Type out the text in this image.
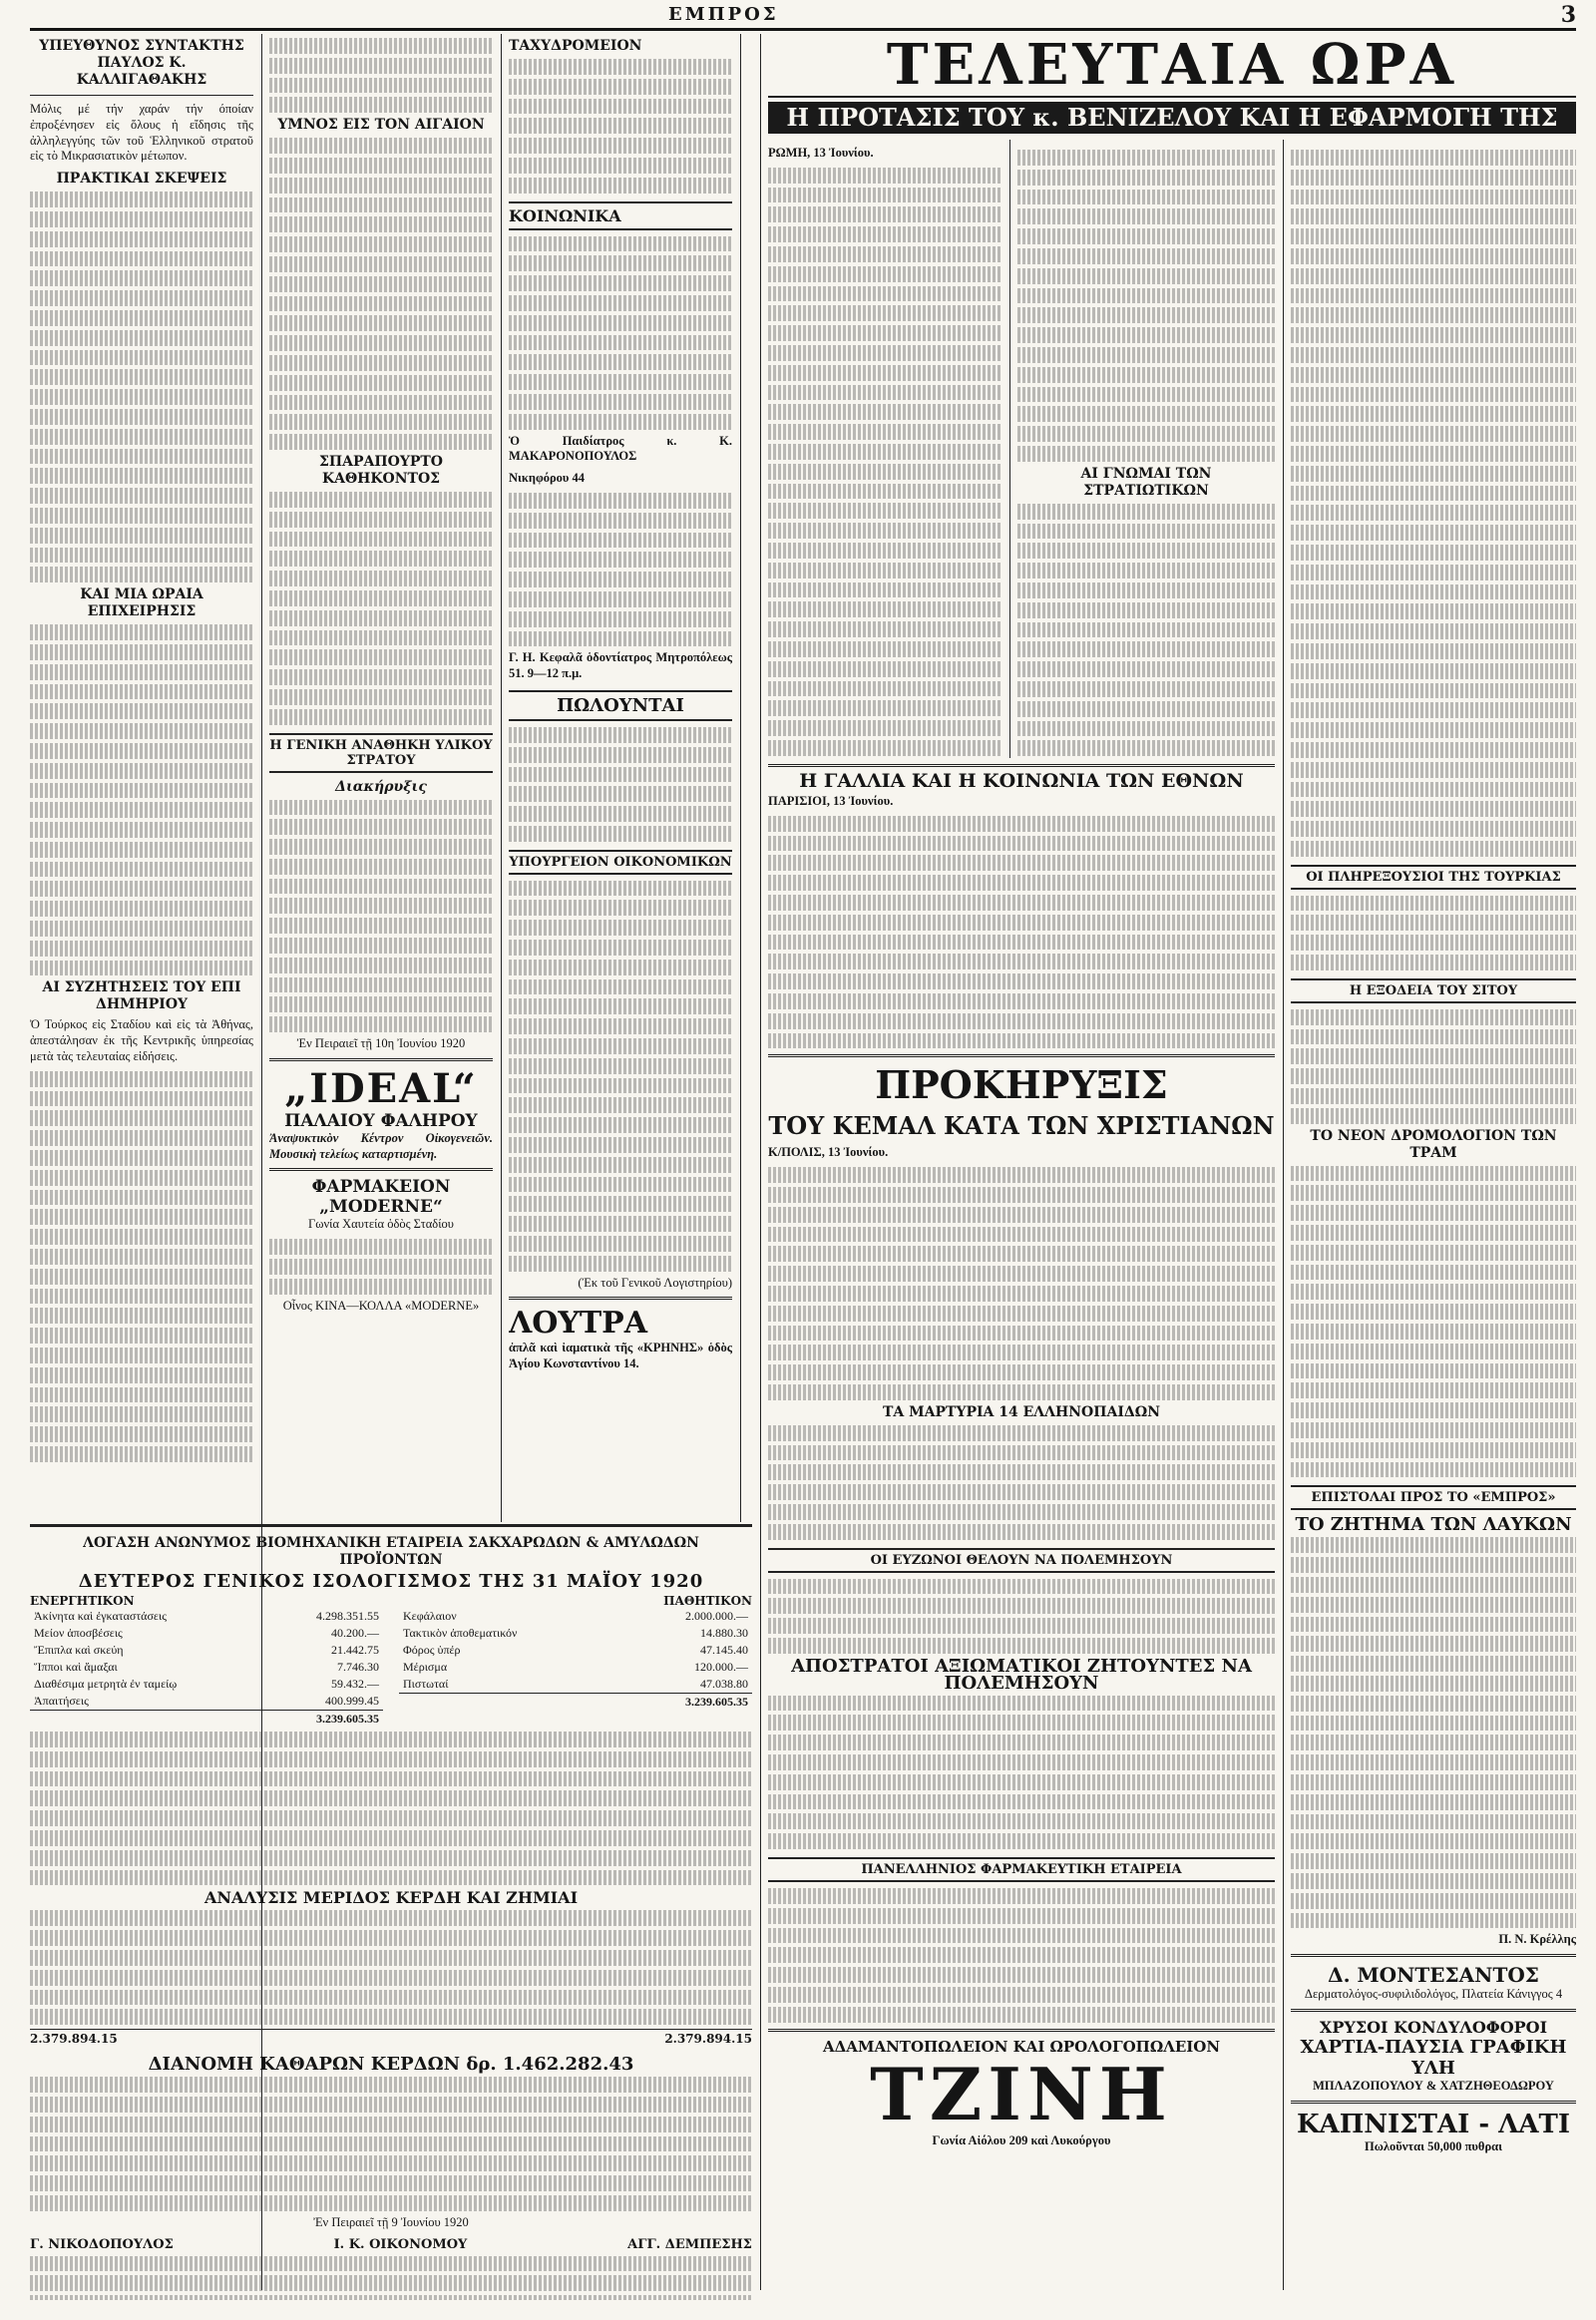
ΕΜΠΡΟΣ	3
ΥΠΕΥΘΥΝΟΣ ΣΥΝΤΑΚΤΗΣ ΠΑΥΛΟΣ Κ. ΚΑΛΛΙΓΑΘΑΚΗΣ

Μόλις μέ τήν χαράν τήν όποίαν ἐπροξένησεν εἰς ὅλους ἡ εἴδησις τῆς ἀλληλεγγύης τῶν τοῦ Ἑλληνικοῦ στρατοῦ εἰς τὸ Μικρασιατικὸν μέτωπον.

ΠΡΑΚΤΙΚΑΙ ΣΚΕΨΕΙΣ
ΚΑΙ ΜΙΑ ΩΡΑΙΑ ΕΠΙΧΕΙΡΗΣΙΣ
ΑΙ ΣΥΖΗΤΗΣΕΙΣ ΤΟΥ ΕΠΙ ΔΗΜΗΡΙΟΥ

Ὀ Τούρκος εἰς Σταδίου καὶ εἰς τὰ Ἀθήνας, ἀπεστάλησαν ἐκ τῆς Κεντρικῆς ὑπηρεσίας μετὰ τὰς τελευταίας εἰδήσεις.

ΥΜΝΟΣ ΕΙΣ ΤΟΝ ΑΙΓΑΙΟΝ
ΣΠΑΡΑΠΟΥΡΤΟ ΚΑΘΗΚΟΝΤΟΣ
Η ΓΕΝΙΚΗ ΑΝΑΘΗΚΗ ΥΛΙΚΟΥ ΣΤΡΑΤΟΥ
Διακήρυξις

Ἐν Πειραιεῖ τῇ 10η Ἰουνίου 1920

„IDEAL“
ΠΑΛΑΙΟΥ ΦΑΛΗΡΟΥ

Ἀναψυκτικὸν Κέντρον Οἰκογενειῶν. Μουσικὴ τελείως καταρτισμένη.

ΦΑΡΜΑΚΕΙΟΝ „MODERNE“

Γωνία Χαυτεία ὁδὸς Σταδίου

Οἶνος ΚΙΝΑ—ΚΟΛΛΑ «MODERNE»

ΤΑΧΥΔΡΟΜΕΙΟΝ
ΚΟΙΝΩΝΙΚΑ

Ὁ Παιδίατρος κ. Κ. ΜΑΚΑΡΟΝΟΠΟΥΛΟΣ

Νικηφόρου 44

Γ. Η. Κεφαλᾶ ὁδοντίατρος Μητροπόλεως 51. 9—12 π.μ.

ΠΩΛΟΥΝΤΑΙ
ΥΠΟΥΡΓΕΙΟΝ ΟΙΚΟΝΟΜΙΚΩΝ

(Ἐκ τοῦ Γενικοῦ Λογιστηρίου)

ΛΟΥΤΡΑ

ἀπλᾶ καὶ ἰαματικὰ τῆς «ΚΡΗΝΗΣ» ὁδὸς Ἁγίου Κωνσταντίνου 14.

ΛΟΓΑΣΗ ΑΝΩΝΥΜΟΣ ΒΙΟΜΗΧΑΝΙΚΗ ΕΤΑΙΡΕΙΑ ΣΑΚΧΑΡΩΔΩΝ & ΑΜΥΛΩΔΩΝ ΠΡΟΪΟΝΤΩΝ
ΔΕΥΤΕΡΟΣ ΓΕΝΙΚΟΣ ΙΣΟΛΟΓΙΣΜΟΣ ΤΗΣ 31 ΜΑΪΟΥ 1920
ΕΝΕΡΓΗΤΙΚΟΝ
Ἀκίνητα καὶ ἐγκαταστάσεις	4.298.351.55
Μείον ἀποσβέσεις	40.200.—
Ἔπιπλα καὶ σκεύη	21.442.75
Ἵπποι καὶ ἅμαξαι	7.746.30
Διαθέσιμα μετρητὰ ἐν ταμείῳ	59.432.—
Ἀπαιτήσεις	400.999.45
	3.239.605.35
ΠΑΘΗΤΙΚΟΝ
Κεφάλαιον	2.000.000.—
Τακτικὸν ἀποθεματικόν	14.880.30
Φόρος ὑπέρ	47.145.40
Μέρισμα	120.000.—
Πιστωταί	47.038.80
	3.239.605.35
ΑΝΑΛΥΣΙΣ ΜΕΡΙΔΟΣ ΚΕΡΔΗ ΚΑΙ ΖΗΜΙΑΙ
2.379.894.15	2.379.894.15
ΔΙΑΝΟΜΗ ΚΑΘΑΡΩΝ ΚΕΡΔΩΝ δρ. 1.462.282.43

Ἐν Πειραιεῖ τῇ 9 Ἰουνίου 1920

Γ. ΝΙΚΟΔΟΠΟΥΛΟΣ	Ι. Κ. ΟΙΚΟΝΟΜΟΥ	ΑΓΓ. ΔΕΜΠΕΣΗΣ
ΤΕΛΕΥΤΑΙΑ ΩΡΑ
Η ΠΡΟΤΑΣΙΣ ΤΟΥ κ. ΒΕΝΙΖΕΛΟΥ ΚΑΙ Η ΕΦΑΡΜΟΓΗ ΤΗΣ

ΡΩΜΗ, 13 Ἰουνίου.

ΑΙ ΓΝΩΜΑΙ ΤΩΝ ΣΤΡΑΤΙΩΤΙΚΩΝ
ΟΙ ΠΛΗΡΕΞΟΥΣΙΟΙ ΤΗΣ ΤΟΥΡΚΙΑΣ
Η ΕΞΟΔΕΙΑ ΤΟΥ ΣΙΤΟΥ
ΤΟ ΝΕΟΝ ΔΡΟΜΟΛΟΓΙΟΝ ΤΩΝ ΤΡΑΜ
ΕΠΙΣΤΟΛΑΙ ΠΡΟΣ ΤΟ «ΕΜΠΡΟΣ»
ΤΟ ΖΗΤΗΜΑ ΤΩΝ ΛΑΥΚΩΝ

Π. Ν. Κρέλλης

Δ. ΜΟΝΤΕΣΑΝΤΟΣ

Δερματολόγος-συφιλιδολόγος, Πλατεία Κάνιγγος 4

ΧΡΥΣΟΙ ΚΟΝΔΥΛΟΦΟΡΟΙ
ΧΑΡΤΙΑ-ΠΑΥΣΙΑ ΓΡΑΦΙΚΗ ΥΛΗ

ΜΠΛΑΖΟΠΟΥΛΟΥ & ΧΑΤΖΗΘΕΟΔΩΡΟΥ

ΚΑΠΝΙΣΤΑΙ - ΛΑΤΙ

Πωλοῦνται 50,000 πυθραι

Η ΓΑΛΛΙΑ ΚΑΙ Η ΚΟΙΝΩΝΙΑ ΤΩΝ ΕΘΝΩΝ

ΠΑΡΙΣΙΟΙ, 13 Ἰουνίου.

ΠΡΟΚΗΡΥΞΙΣ
ΤΟΥ ΚΕΜΑΛ ΚΑΤΑ ΤΩΝ ΧΡΙΣΤΙΑΝΩΝ

Κ/ΠΟΛΙΣ, 13 Ἰουνίου.

ΤΑ ΜΑΡΤΥΡΙΑ 14 ΕΛΛΗΝΟΠΑΙΔΩΝ
ΟΙ ΕΥΖΩΝΟΙ ΘΕΛΟΥΝ ΝΑ ΠΟΛΕΜΗΣΟΥΝ
ΑΠΟΣΤΡΑΤΟΙ ΑΞΙΩΜΑΤΙΚΟΙ ΖΗΤΟΥΝΤΕΣ ΝΑ ΠΟΛΕΜΗΣΟΥΝ
ΠΑΝΕΛΛΗΝΙΟΣ ΦΑΡΜΑΚΕΥΤΙΚΗ ΕΤΑΙΡΕΙΑ
ΑΔΑΜΑΝΤΟΠΩΛΕΙΟΝ ΚΑΙ ΩΡΟΛΟΓΟΠΩΛΕΙΟΝ
ΤΖΙΝΗ

Γωνία Αἰόλου 209 καὶ Λυκούργου
